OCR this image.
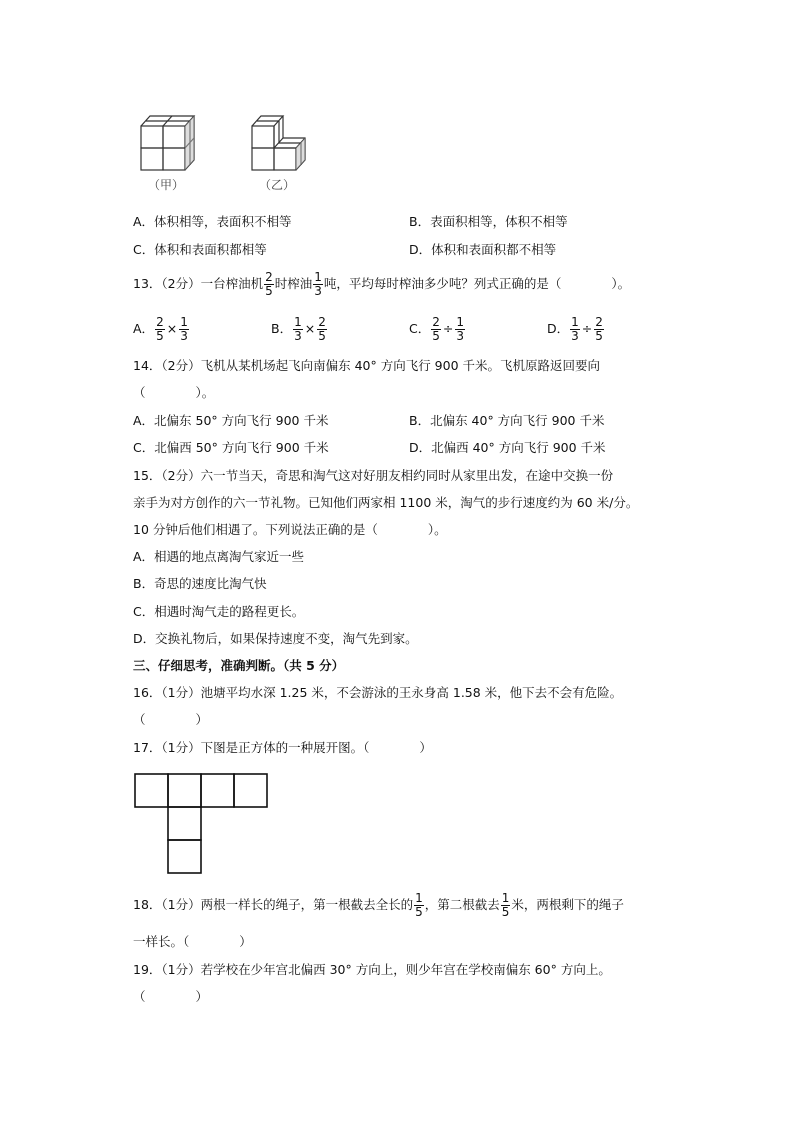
（甲）	（乙）
A．体积相等，表面积不相等	B．表面积相等，体积不相等
C．体积和表面积都相等	D．体积和表面积都不相等
13．（2分）一台榨油机 $\frac{2}{5}$ 时榨油 $\frac{1}{3}$ 吨，平均每时榨油多少吨？列式正确的是（　　　　）。
A． $\frac{2}{5} \times \frac{1}{3}$	B． $\frac{1}{3} \times \frac{2}{5}$	C． $\frac{2}{5} \div \frac{1}{3}$	D． $\frac{1}{3} \div \frac{2}{5}$
14．（2分）飞机从某机场起飞向南偏东 40° 方向飞行 900 千米。飞机原路返回要向
（　　　　）。
A．北偏东 50° 方向飞行 900 千米	B．北偏东 40° 方向飞行 900 千米
C．北偏西 50° 方向飞行 900 千米	D．北偏西 40° 方向飞行 900 千米
15．（2分）六一节当天，奇思和淘气这对好朋友相约同时从家里出发，在途中交换一份
亲手为对方创作的六一节礼物。已知他们两家相 1100 米，淘气的步行速度约为 60 米/分。
10 分钟后他们相遇了。下列说法正确的是（　　　　）。
A．相遇的地点离淘气家近一些
B．奇思的速度比淘气快
C．相遇时淘气走的路程更长。
D．交换礼物后，如果保持速度不变，淘气先到家。
三、仔细思考，准确判断。（共 5 分）
16．（1分）池塘平均水深 1.25 米，不会游泳的王永身高 1.58 米，他下去不会有危险。
（　　　　）
17．（1分）下图是正方体的一种展开图。（　　　　）
18．（1分）两根一样长的绳子，第一根截去全长的 $\frac{1}{5}$ ，第二根截去 $\frac{1}{5}$ 米，两根剩下的绳子
一样长。（　　　　）
19．（1分）若学校在少年宫北偏西 30° 方向上，则少年宫在学校南偏东 60° 方向上。
（　　　　）
